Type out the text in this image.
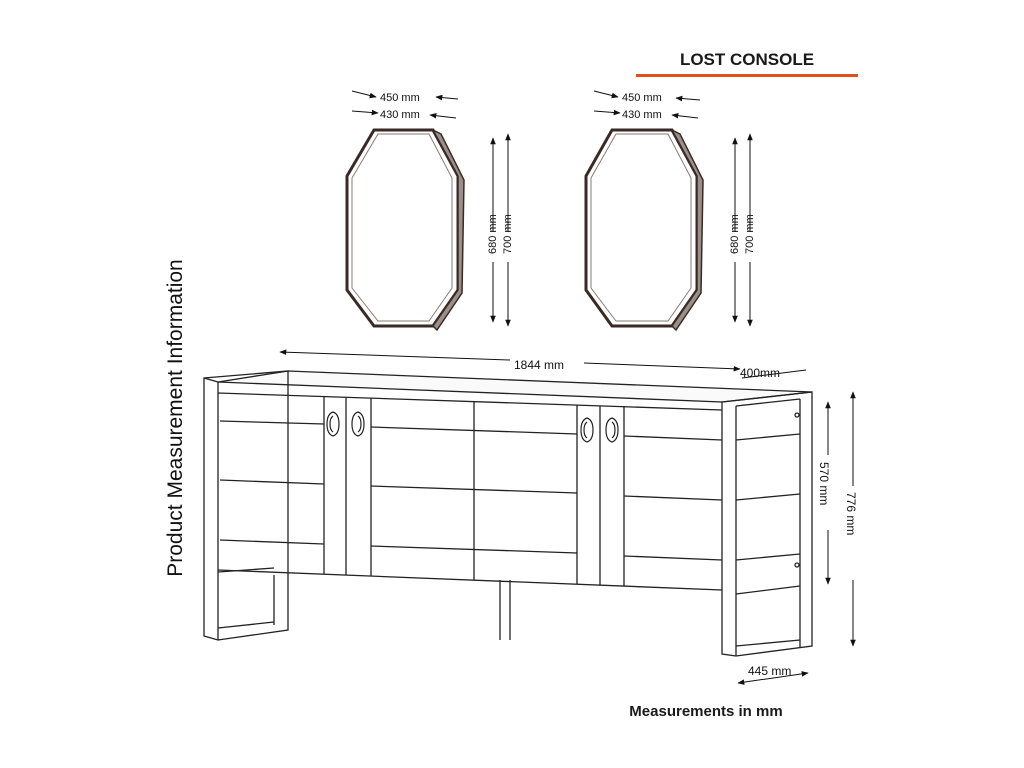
LOST CONSOLE
Product Measurement Information
450 mm
430 mm
680 mm 700 mm
450 mm
430 mm
680 mm 700 mm
1844 mm
400mm
570 mm
776 mm
445 mm
Measurements in mm
